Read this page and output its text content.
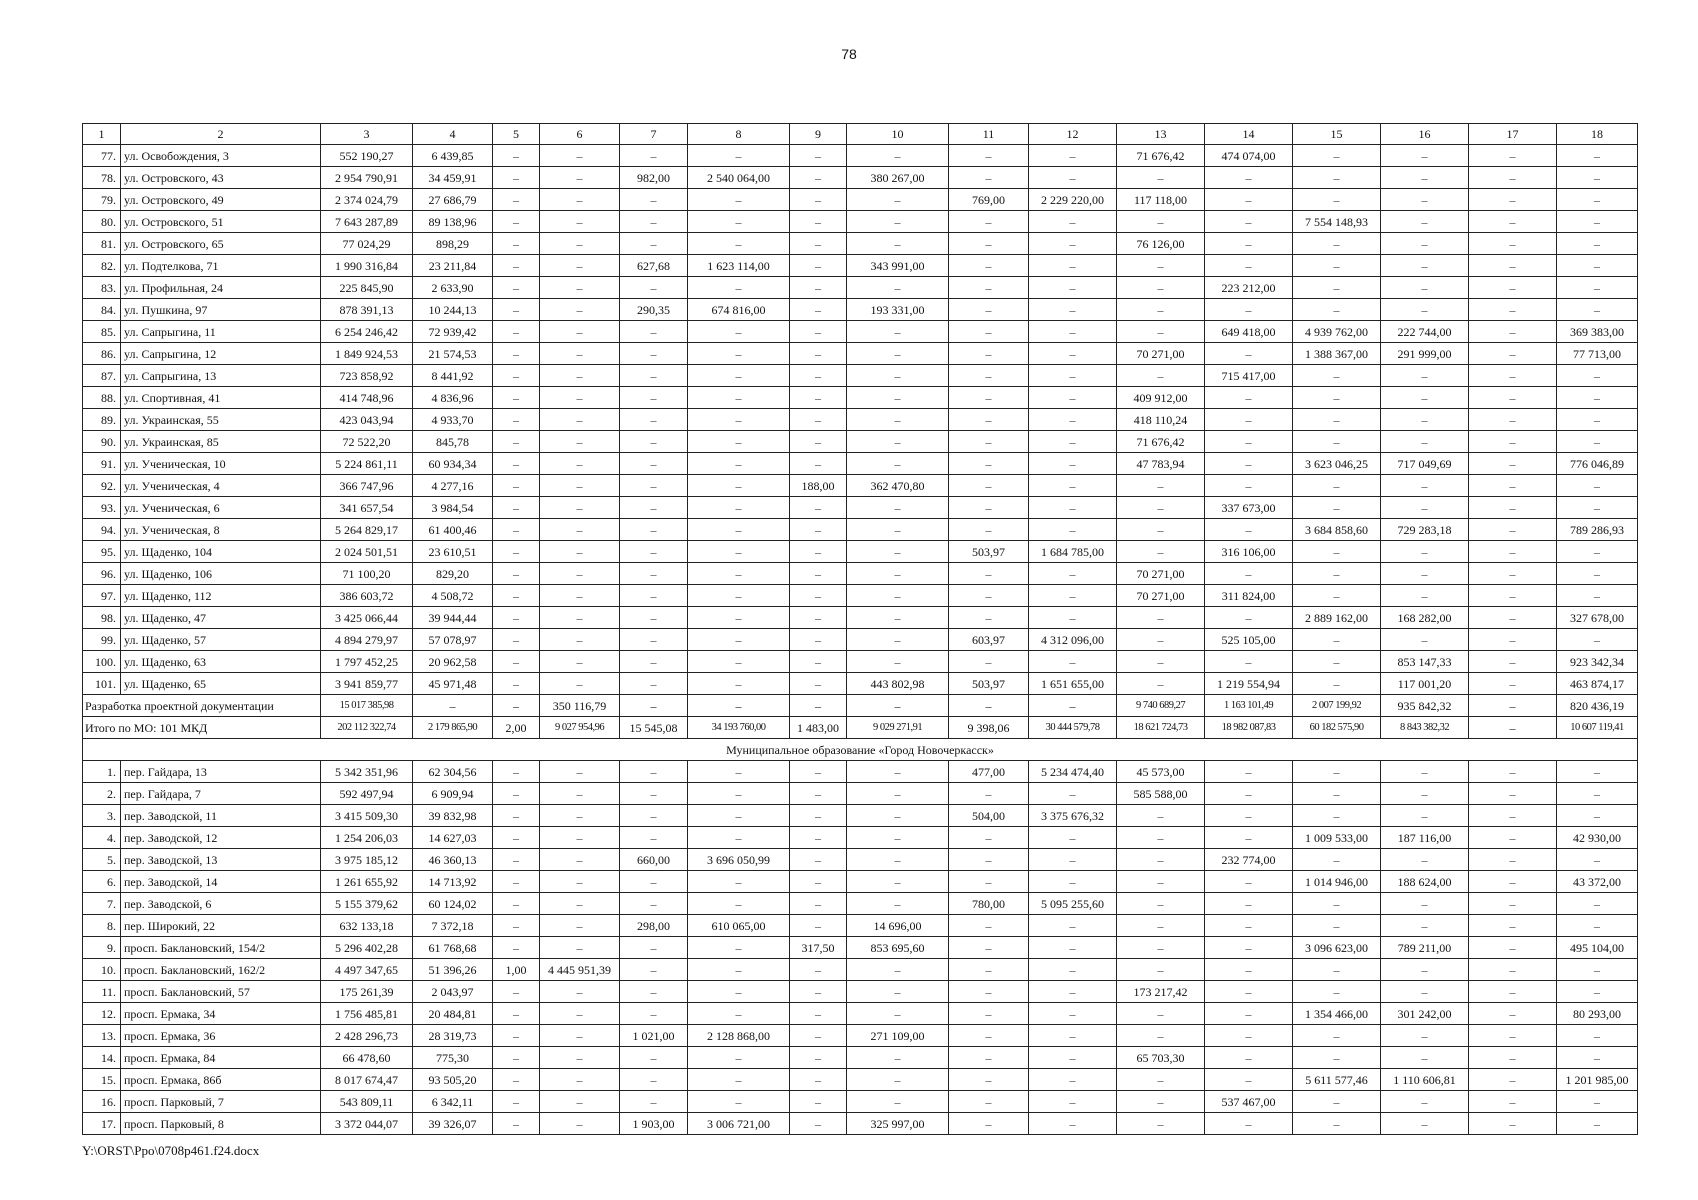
78
1	2	3	4	5	6	7	8	9	10	11	12	13	14	15	16	17	18
77.	ул. Освобождения, 3	552 190,27	6 439,85	–	–	–	–	–	–	–	–	71 676,42	474 074,00	–	–	–	–
78.	ул. Островского, 43	2 954 790,91	34 459,91	–	–	982,00	2 540 064,00	–	380 267,00	–	–	–	–	–	–	–	–
79.	ул. Островского, 49	2 374 024,79	27 686,79	–	–	–	–	–	–	769,00	2 229 220,00	117 118,00	–	–	–	–	–
80.	ул. Островского, 51	7 643 287,89	89 138,96	–	–	–	–	–	–	–	–	–	–	7 554 148,93	–	–	–
81.	ул. Островского, 65	77 024,29	898,29	–	–	–	–	–	–	–	–	76 126,00	–	–	–	–	–
82.	ул. Подтелкова, 71	1 990 316,84	23 211,84	–	–	627,68	1 623 114,00	–	343 991,00	–	–	–	–	–	–	–	–
83.	ул. Профильная, 24	225 845,90	2 633,90	–	–	–	–	–	–	–	–	–	223 212,00	–	–	–	–
84.	ул. Пушкина, 97	878 391,13	10 244,13	–	–	290,35	674 816,00	–	193 331,00	–	–	–	–	–	–	–	–
85.	ул. Сапрыгина, 11	6 254 246,42	72 939,42	–	–	–	–	–	–	–	–	–	649 418,00	4 939 762,00	222 744,00	–	369 383,00
86.	ул. Сапрыгина, 12	1 849 924,53	21 574,53	–	–	–	–	–	–	–	–	70 271,00	–	1 388 367,00	291 999,00	–	77 713,00
87.	ул. Сапрыгина, 13	723 858,92	8 441,92	–	–	–	–	–	–	–	–	–	715 417,00	–	–	–	–
88.	ул. Спортивная, 41	414 748,96	4 836,96	–	–	–	–	–	–	–	–	409 912,00	–	–	–	–	–
89.	ул. Украинская, 55	423 043,94	4 933,70	–	–	–	–	–	–	–	–	418 110,24	–	–	–	–	–
90.	ул. Украинская, 85	72 522,20	845,78	–	–	–	–	–	–	–	–	71 676,42	–	–	–	–	–
91.	ул. Ученическая, 10	5 224 861,11	60 934,34	–	–	–	–	–	–	–	–	47 783,94	–	3 623 046,25	717 049,69	–	776 046,89
92.	ул. Ученическая, 4	366 747,96	4 277,16	–	–	–	–	188,00	362 470,80	–	–	–	–	–	–	–	–
93.	ул. Ученическая, 6	341 657,54	3 984,54	–	–	–	–	–	–	–	–	–	337 673,00	–	–	–	–
94.	ул. Ученическая, 8	5 264 829,17	61 400,46	–	–	–	–	–	–	–	–	–	–	3 684 858,60	729 283,18	–	789 286,93
95.	ул. Щаденко, 104	2 024 501,51	23 610,51	–	–	–	–	–	–	503,97	1 684 785,00	–	316 106,00	–	–	–	–
96.	ул. Щаденко, 106	71 100,20	829,20	–	–	–	–	–	–	–	–	70 271,00	–	–	–	–	–
97.	ул. Щаденко, 112	386 603,72	4 508,72	–	–	–	–	–	–	–	–	70 271,00	311 824,00	–	–	–	–
98.	ул. Щаденко, 47	3 425 066,44	39 944,44	–	–	–	–	–	–	–	–	–	–	2 889 162,00	168 282,00	–	327 678,00
99.	ул. Щаденко, 57	4 894 279,97	57 078,97	–	–	–	–	–	–	603,97	4 312 096,00	–	525 105,00	–	–	–	–
100.	ул. Щаденко, 63	1 797 452,25	20 962,58	–	–	–	–	–	–	–	–	–	–	–	853 147,33	–	923 342,34
101.	ул. Щаденко, 65	3 941 859,77	45 971,48	–	–	–	–	–	443 802,98	503,97	1 651 655,00	–	1 219 554,94	–	117 001,20	–	463 874,17
Разработка проектной документации		15 017 385,98	–	–	350 116,79	–	–	–	–	–	–	9 740 689,27	1 163 101,49	2 007 199,92	935 842,32	–	820 436,19
Итого по МО: 101 МКД		202 112 322,74	2 179 865,90	2,00	9 027 954,96	15 545,08	34 193 760,00	1 483,00	9 029 271,91	9 398,06	30 444 579,78	18 621 724,73	18 982 087,83	60 182 575,90	8 843 382,32	–	10 607 119,41
Муниципальное образование «Город Новочеркасск»																	
1.	пер. Гайдара, 13	5 342 351,96	62 304,56	–	–	–	–	–	–	477,00	5 234 474,40	45 573,00	–	–	–	–	–
2.	пер. Гайдара, 7	592 497,94	6 909,94	–	–	–	–	–	–	–	–	585 588,00	–	–	–	–	–
3.	пер. Заводской, 11	3 415 509,30	39 832,98	–	–	–	–	–	–	504,00	3 375 676,32	–	–	–	–	–	–
4.	пер. Заводской, 12	1 254 206,03	14 627,03	–	–	–	–	–	–	–	–	–	–	1 009 533,00	187 116,00	–	42 930,00
5.	пер. Заводской, 13	3 975 185,12	46 360,13	–	–	660,00	3 696 050,99	–	–	–	–	–	232 774,00	–	–	–	–
6.	пер. Заводской, 14	1 261 655,92	14 713,92	–	–	–	–	–	–	–	–	–	–	1 014 946,00	188 624,00	–	43 372,00
7.	пер. Заводской, 6	5 155 379,62	60 124,02	–	–	–	–	–	–	780,00	5 095 255,60	–	–	–	–	–	–
8.	пер. Широкий, 22	632 133,18	7 372,18	–	–	298,00	610 065,00	–	14 696,00	–	–	–	–	–	–	–	–
9.	просп. Баклановский, 154/2	5 296 402,28	61 768,68	–	–	–	–	317,50	853 695,60	–	–	–	–	3 096 623,00	789 211,00	–	495 104,00
10.	просп. Баклановский, 162/2	4 497 347,65	51 396,26	1,00	4 445 951,39	–	–	–	–	–	–	–	–	–	–	–	–
11.	просп. Баклановский, 57	175 261,39	2 043,97	–	–	–	–	–	–	–	–	173 217,42	–	–	–	–	–
12.	просп. Ермака, 34	1 756 485,81	20 484,81	–	–	–	–	–	–	–	–	–	–	1 354 466,00	301 242,00	–	80 293,00
13.	просп. Ермака, 36	2 428 296,73	28 319,73	–	–	1 021,00	2 128 868,00	–	271 109,00	–	–	–	–	–	–	–	–
14.	просп. Ермака, 84	66 478,60	775,30	–	–	–	–	–	–	–	–	65 703,30	–	–	–	–	–
15.	просп. Ермака, 86б	8 017 674,47	93 505,20	–	–	–	–	–	–	–	–	–	–	5 611 577,46	1 110 606,81	–	1 201 985,00
16.	просп. Парковый, 7	543 809,11	6 342,11	–	–	–	–	–	–	–	–	–	537 467,00	–	–	–	–
17.	просп. Парковый, 8	3 372 044,07	39 326,07	–	–	1 903,00	3 006 721,00	–	325 997,00	–	–	–	–	–	–	–	–
Y:\ORST\Ppo\0708p461.f24.docx
